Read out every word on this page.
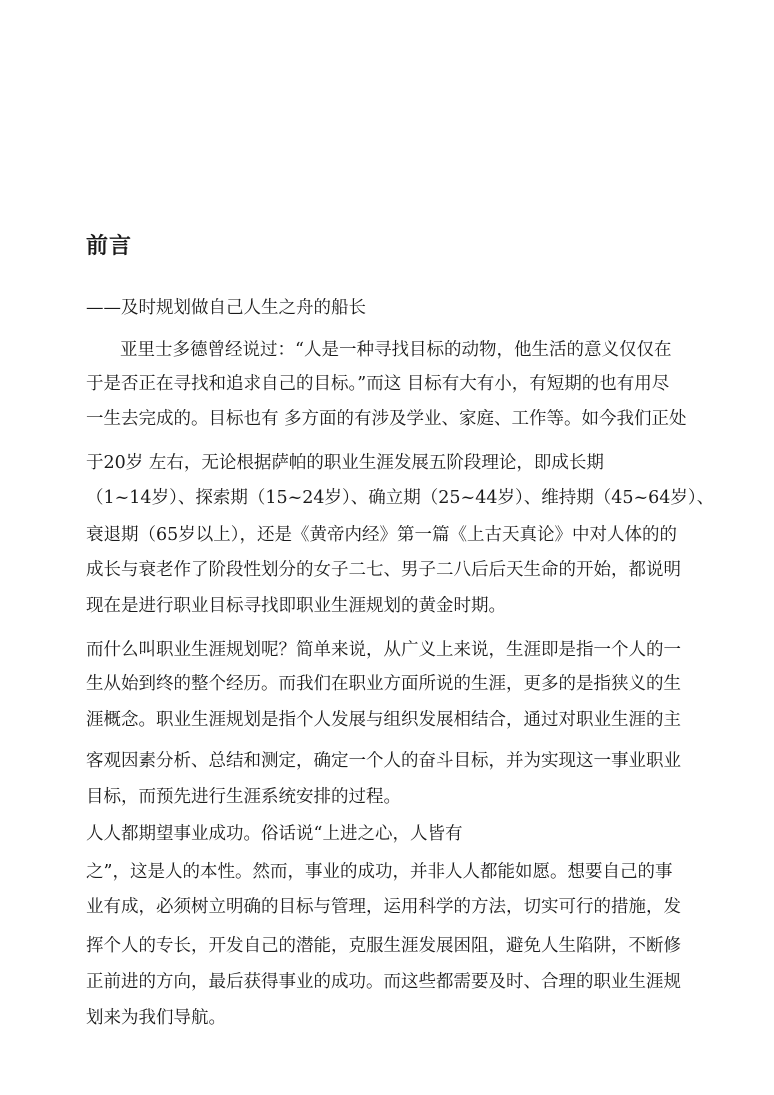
前言

——及时规划做自己人生之舟的船长

亚里士多德曾经说过：“人是一种寻找目标的动物，他生活的意义仅仅在

于是否正在寻找和追求自己的目标。”而这 目标有大有小，有短期的也有用尽

一生去完成的。目标也有 多方面的有涉及学业、家庭、工作等。如今我们正处

于20岁 左右，无论根据萨帕的职业生涯发展五阶段理论，即成长期

（1~14岁）、探索期（15~24岁）、确立期（25~44岁）、维持期（45~64岁）、

衰退期（65岁以上），还是《黄帝内经》第一篇《上古天真论》中对人体的的

成长与衰老作了阶段性划分的女子二七、男子二八后后天生命的开始，都说明

现在是进行职业目标寻找即职业生涯规划的黄金时期。

而什么叫职业生涯规划呢？简单来说，从广义上来说，生涯即是指一个人的一

生从始到终的整个经历。而我们在职业方面所说的生涯，更多的是指狭义的生

涯概念。职业生涯规划是指个人发展与组织发展相结合，通过对职业生涯的主

客观因素分析、总结和测定，确定一个人的奋斗目标，并为实现这一事业职业

目标，而预先进行生涯系统安排的过程。

人人都期望事业成功。俗话说“上进之心，人皆有

之”，这是人的本性。然而，事业的成功，并非人人都能如愿。想要自己的事

业有成，必须树立明确的目标与管理，运用科学的方法，切实可行的措施，发

挥个人的专长，开发自己的潜能，克服生涯发展困阻，避免人生陷阱，不断修

正前进的方向，最后获得事业的成功。而这些都需要及时、合理的职业生涯规

划来为我们导航。
